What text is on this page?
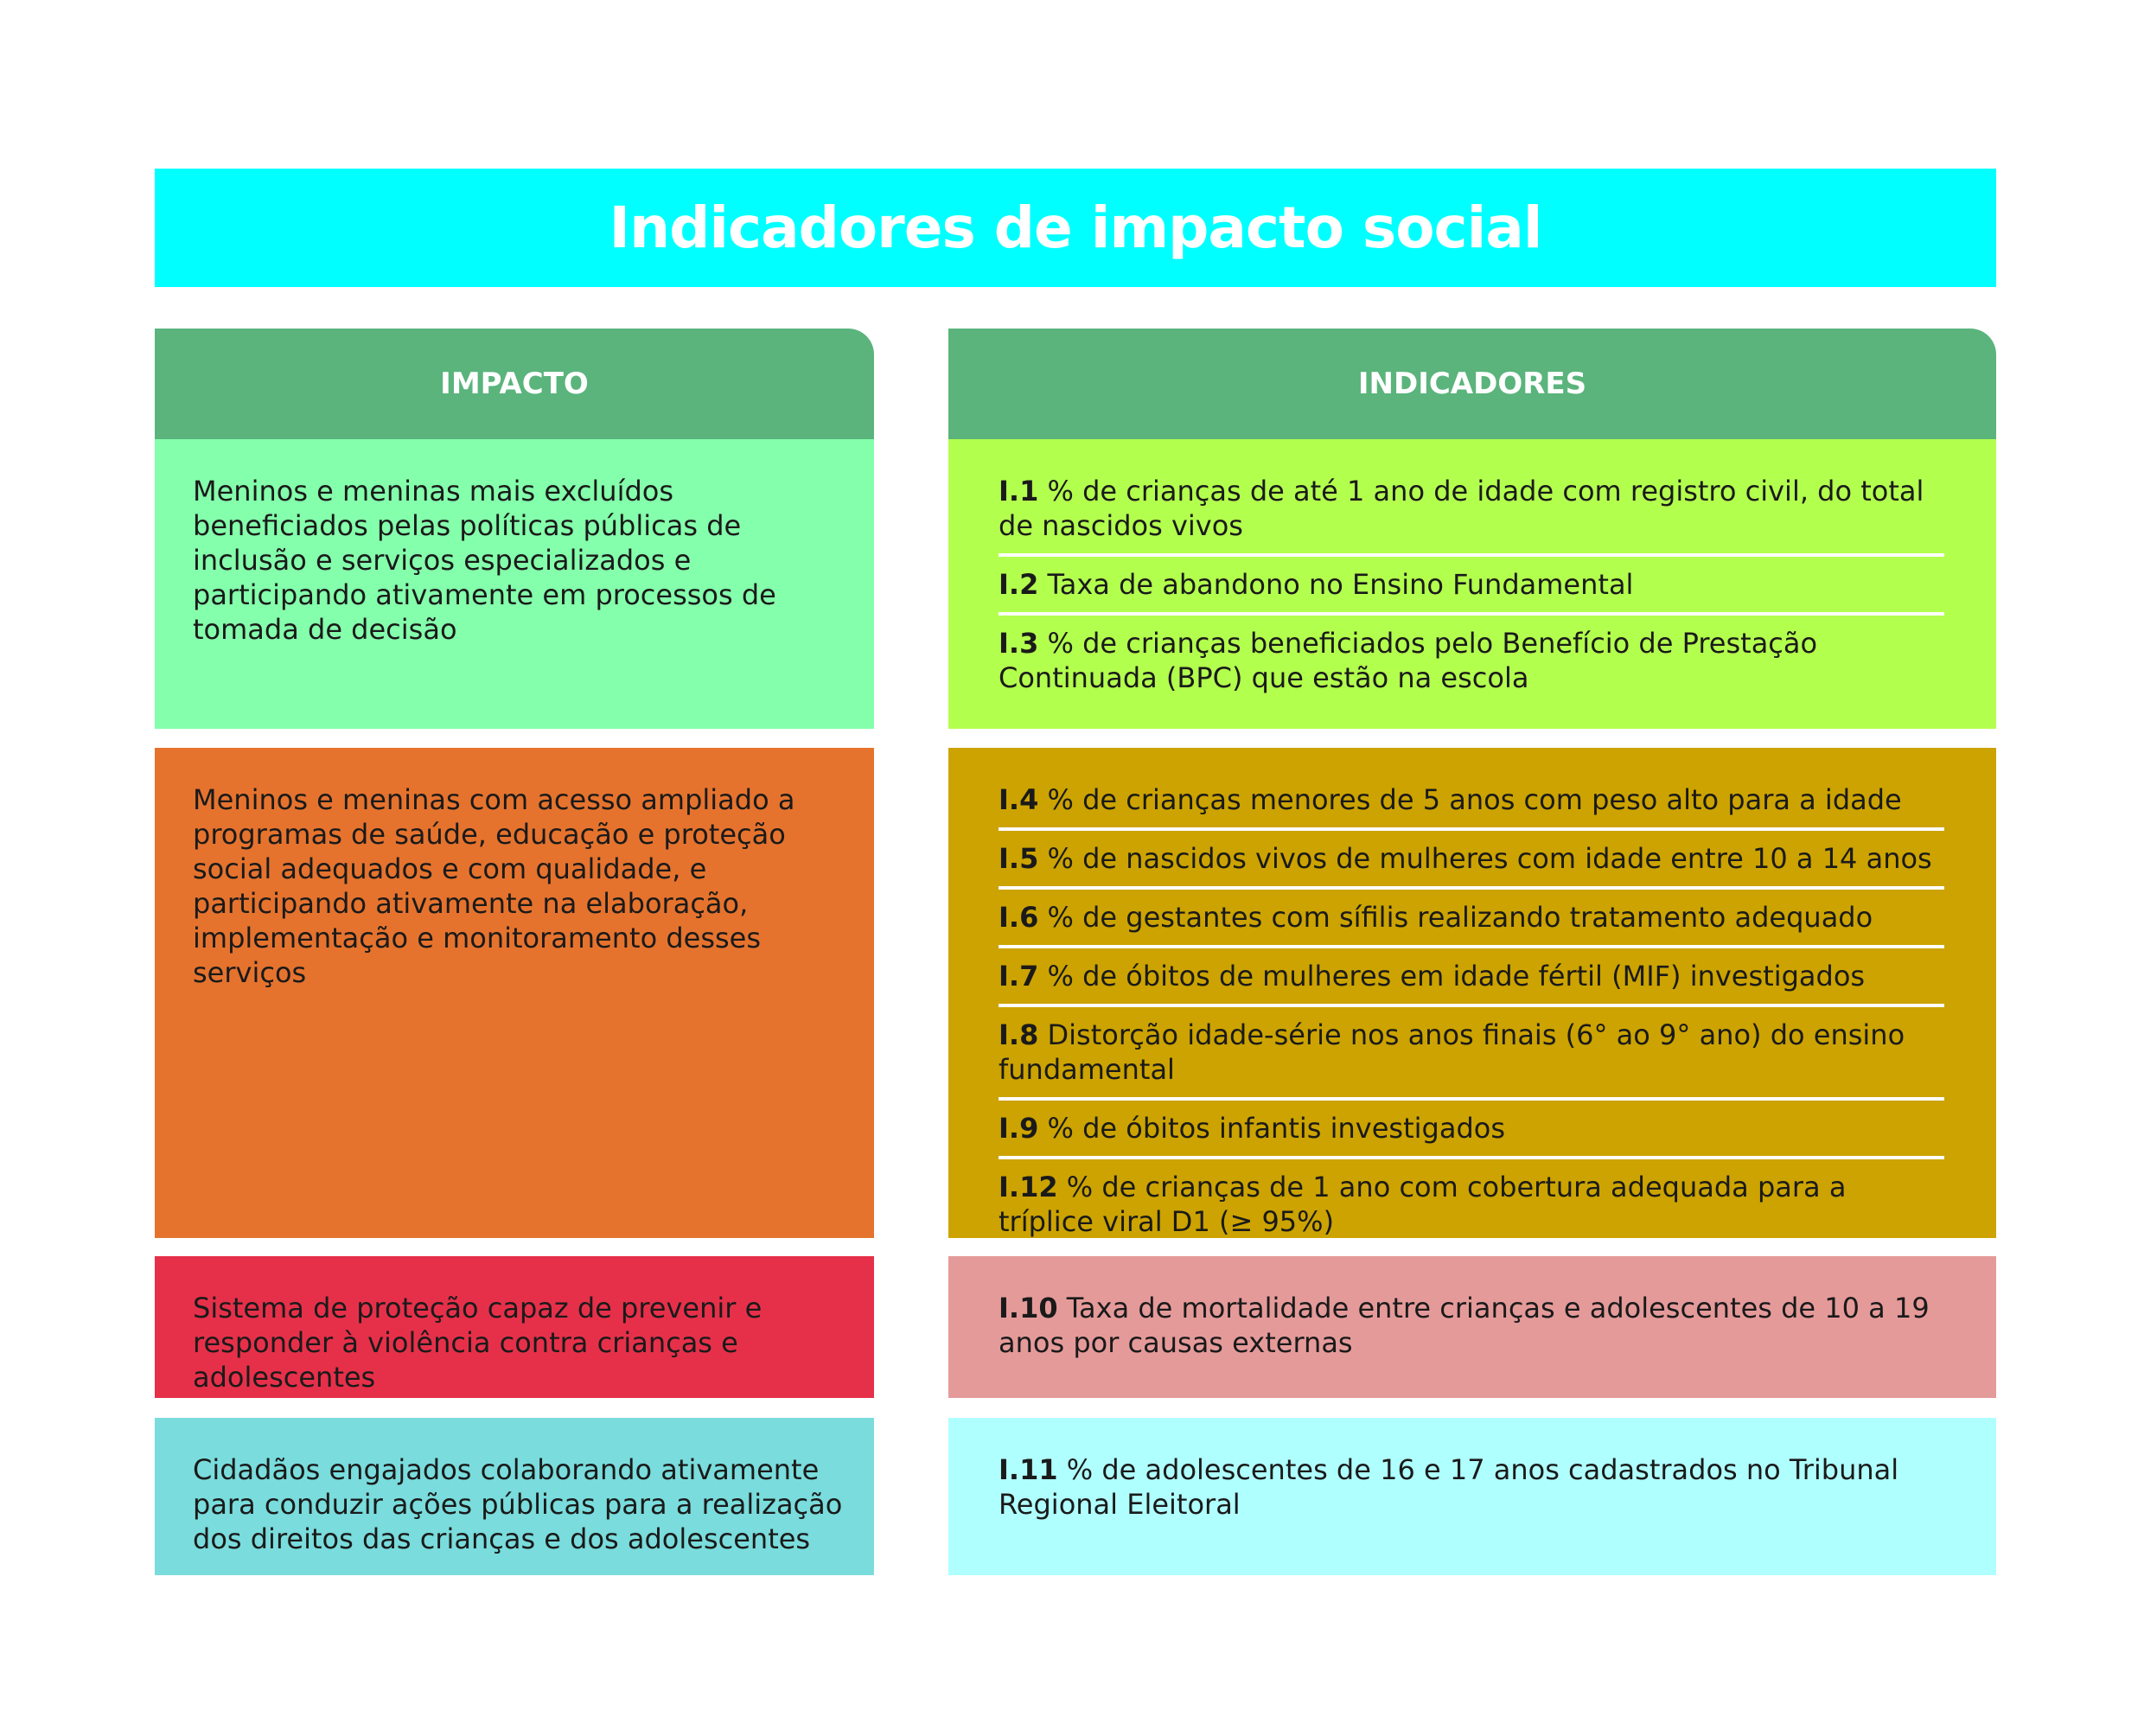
Indicadores de impacto social
IMPACTO	INDICADORES
Meninos e meninas mais excluídos beneficiados pelas políticas públicas de inclusão e serviços especializados e participando ativamente em processos de tomada de decisão
I.1 % de crianças de até 1 ano de idade com registro civil, do total de nascidos vivos
I.2 Taxa de abandono no Ensino Fundamental
I.3 % de crianças beneficiados pelo Benefício de Prestação Continuada (BPC) que estão na escola
Meninos e meninas com acesso ampliado a programas de saúde, educação e proteção social adequados e com qualidade, e participando ativamente na elaboração, implementação e monitoramento desses serviços
I.4 % de crianças menores de 5 anos com peso alto para a idade
I.5 % de nascidos vivos de mulheres com idade entre 10 a 14 anos
I.6 % de gestantes com sífilis realizando tratamento adequado
I.7 % de óbitos de mulheres em idade fértil (MIF) investigados
I.8 Distorção idade-série nos anos finais (6° ao 9° ano) do ensino fundamental
I.9 % de óbitos infantis investigados
I.12 % de crianças de 1 ano com cobertura adequada para a tríplice viral D1 (≥ 95%)
Sistema de proteção capaz de prevenir e responder à violência contra crianças e adolescentes
I.10 Taxa de mortalidade entre crianças e adolescentes de 10 a 19 anos por causas externas
Cidadãos engajados colaborando ativamente para conduzir ações públicas para a realização dos direitos das crianças e dos adolescentes
I.11 % de adolescentes de 16 e 17 anos cadastrados no Tribunal Regional Eleitoral
